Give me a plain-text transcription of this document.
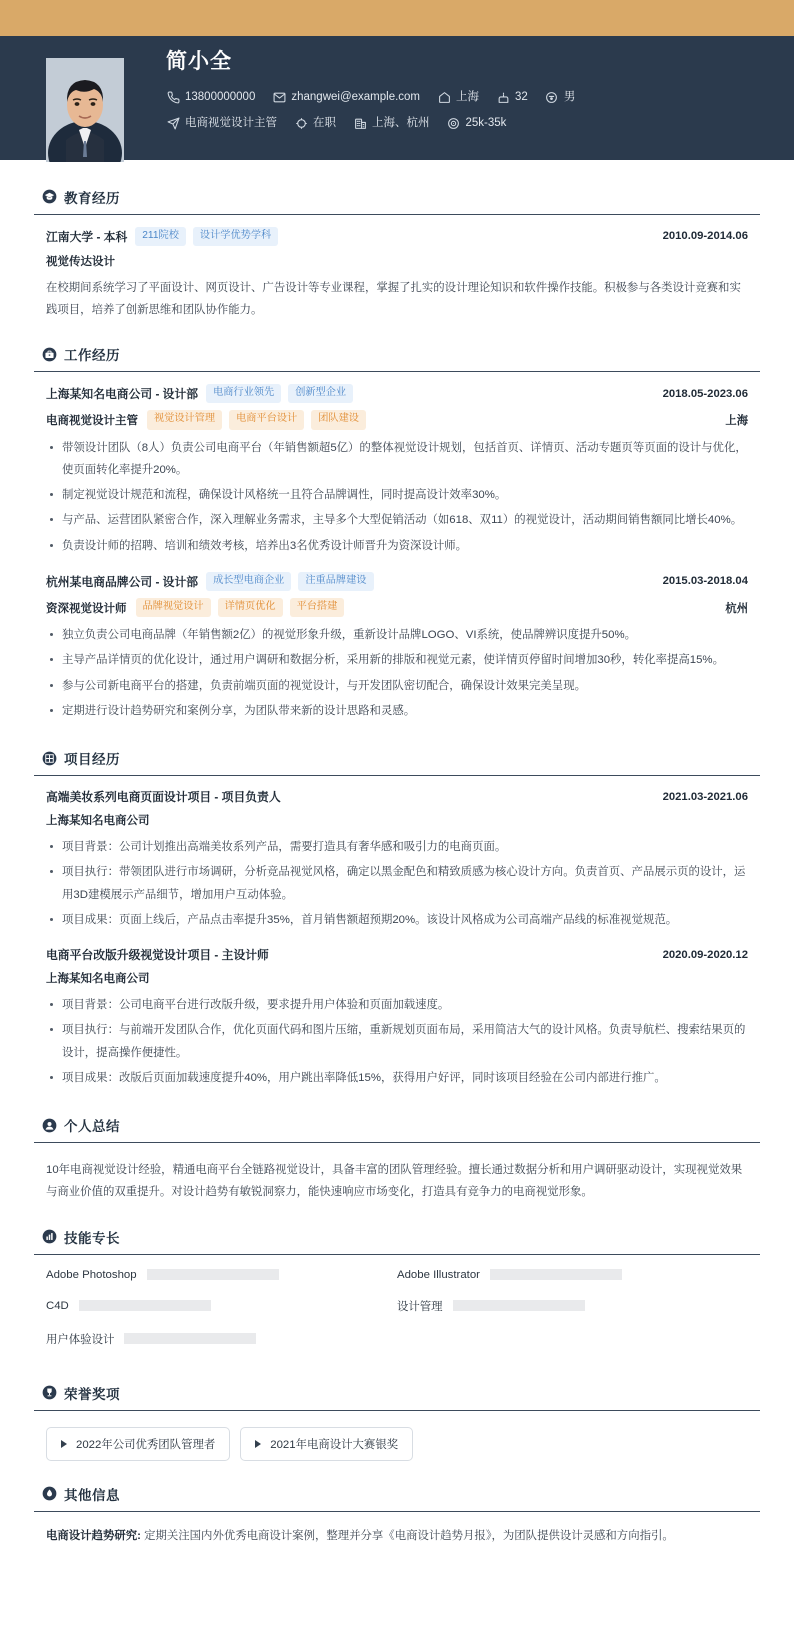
简小全
13800000000	zhangwei@example.com	上海	32	男
电商视觉设计主管	在职	上海、杭州	25k-35k
教育经历
江南大学 - 本科	211院校	设计学优势学科	2010.09-2014.06
视觉传达设计
在校期间系统学习了平面设计、网页设计、广告设计等专业课程，掌握了扎实的设计理论知识和软件操作技能。积极参与各类设计竞赛和实践项目，培养了创新思维和团队协作能力。
工作经历
上海某知名电商公司 - 设计部	电商行业领先	创新型企业	2018.05-2023.06
电商视觉设计主管	视觉设计管理	电商平台设计	团队建设	上海
带领设计团队（8人）负责公司电商平台（年销售额超5亿）的整体视觉设计规划，包括首页、详情页、活动专题页等页面的设计与优化，使页面转化率提升20%。
制定视觉设计规范和流程，确保设计风格统一且符合品牌调性，同时提高设计效率30%。
与产品、运营团队紧密合作，深入理解业务需求，主导多个大型促销活动（如618、双11）的视觉设计，活动期间销售额同比增长40%。
负责设计师的招聘、培训和绩效考核，培养出3名优秀设计师晋升为资深设计师。
杭州某电商品牌公司 - 设计部	成长型电商企业	注重品牌建设	2015.03-2018.04
资深视觉设计师	品牌视觉设计	详情页优化	平台搭建	杭州
独立负责公司电商品牌（年销售额2亿）的视觉形象升级，重新设计品牌LOGO、VI系统，使品牌辨识度提升50%。
主导产品详情页的优化设计，通过用户调研和数据分析，采用新的排版和视觉元素，使详情页停留时间增加30秒，转化率提高15%。
参与公司新电商平台的搭建，负责前端页面的视觉设计，与开发团队密切配合，确保设计效果完美呈现。
定期进行设计趋势研究和案例分享，为团队带来新的设计思路和灵感。
项目经历
高端美妆系列电商页面设计项目 - 项目负责人	2021.03-2021.06
上海某知名电商公司
项目背景：公司计划推出高端美妆系列产品，需要打造具有奢华感和吸引力的电商页面。
项目执行：带领团队进行市场调研，分析竞品视觉风格，确定以黑金配色和精致质感为核心设计方向。负责首页、产品展示页的设计，运用3D建模展示产品细节，增加用户互动体验。
项目成果：页面上线后，产品点击率提升35%，首月销售额超预期20%。该设计风格成为公司高端产品线的标准视觉规范。
电商平台改版升级视觉设计项目 - 主设计师	2020.09-2020.12
上海某知名电商公司
项目背景：公司电商平台进行改版升级，要求提升用户体验和页面加载速度。
项目执行：与前端开发团队合作，优化页面代码和图片压缩，重新规划页面布局，采用简洁大气的设计风格。负责导航栏、搜索结果页的设计，提高操作便捷性。
项目成果：改版后页面加载速度提升40%，用户跳出率降低15%，获得用户好评，同时该项目经验在公司内部进行推广。
个人总结
10年电商视觉设计经验，精通电商平台全链路视觉设计，具备丰富的团队管理经验。擅长通过数据分析和用户调研驱动设计，实现视觉效果与商业价值的双重提升。对设计趋势有敏锐洞察力，能快速响应市场变化，打造具有竞争力的电商视觉形象。
技能专长
Adobe Photoshop	Adobe Illustrator
C4D	设计管理
用户体验设计
荣誉奖项
2022年公司优秀团队管理者	2021年电商设计大赛银奖
其他信息
电商设计趋势研究: 定期关注国内外优秀电商设计案例，整理并分享《电商设计趋势月报》，为团队提供设计灵感和方向指引。
